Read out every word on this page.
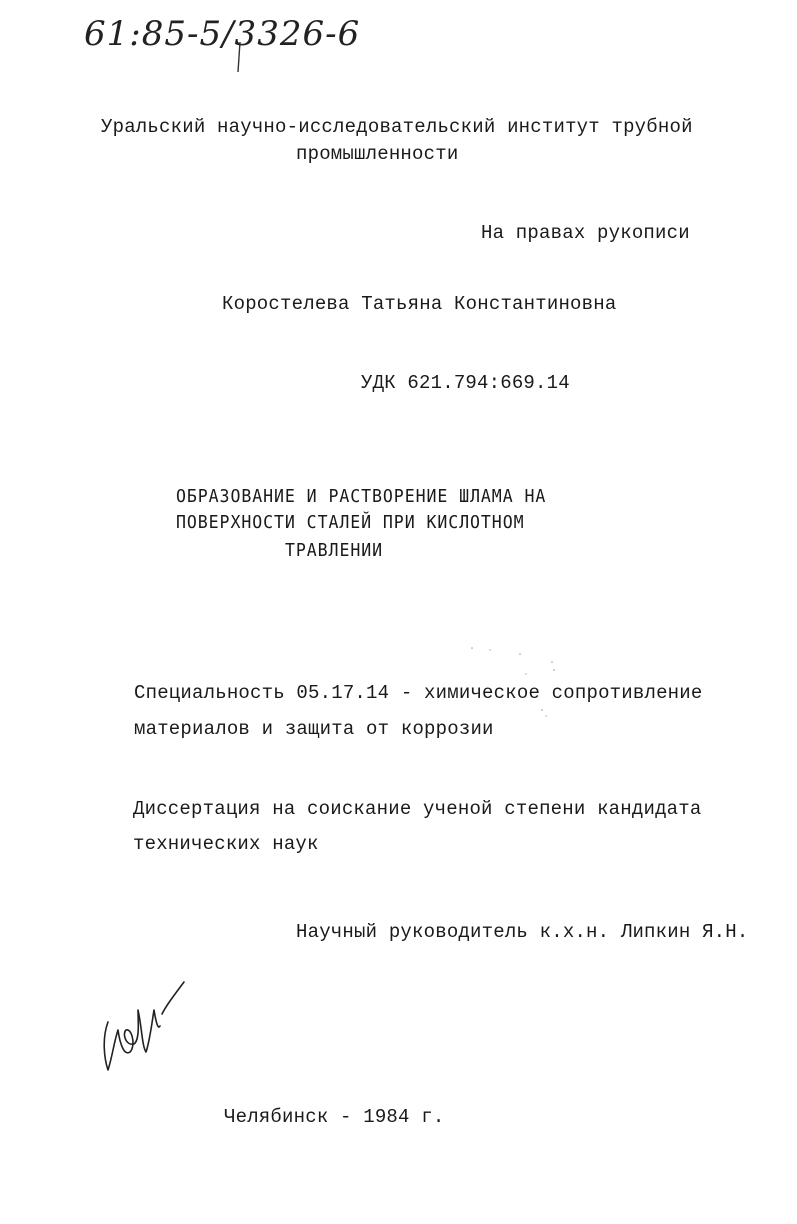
61:85-5/3326-6
Уральский научно-исследовательский институт трубной
промышленности
На правах рукописи
Коростелева Татьяна Константиновна
УДК 621.794:669.14
ОБРАЗОВАНИЕ И РАСТВОРЕНИЕ ШЛАМА НА
ПОВЕРХНОСТИ СТАЛЕЙ ПРИ КИСЛОТНОМ
ТРАВЛЕНИИ
Специальность 05.17.14 - химическое сопротивление
материалов и защита от коррозии
Диссертация на соискание ученой степени кандидата
технических наук
Научный руководитель к.х.н. Липкин Я.Н.
Челябинск - 1984 г.
